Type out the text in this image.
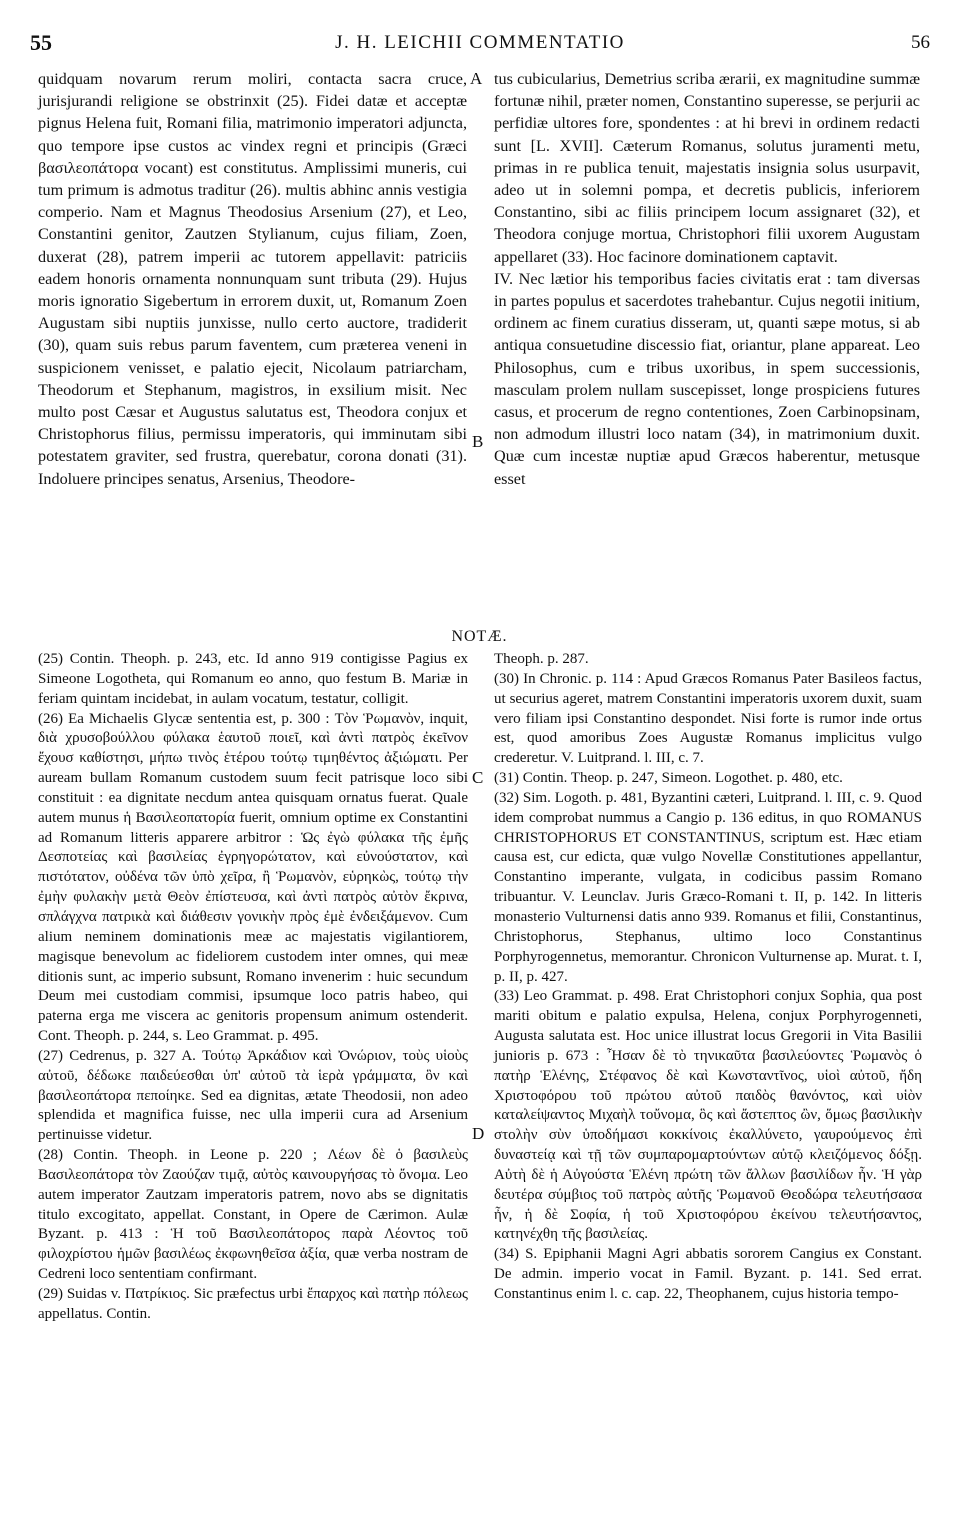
55	J. H. LEICHII COMMENTATIO	56

quidquam novarum rerum moliri, contacta sacra cruce, jurisjurandi religione se obstrinxit (25). Fidei datæ et acceptæ pignus Helena fuit, Romani filia, matrimonio imperatori adjuncta, quo tempore ipse custos ac vindex regni et principis (Græci βασιλεοπάτορα vocant) est constitutus. Amplissimi muneris, cui tum primum is admotus traditur (26). multis abhinc annis vestigia comperio. Nam et Magnus Theodosius Arsenium (27), et Leo, Constantini genitor, Zautzen Stylianum, cujus filiam, Zoen, duxerat (28), patrem imperii ac tutorem appellavit: patriciis eadem honoris ornamenta nonnunquam sunt tributa (29). Hujus moris ignoratio Sigebertum in errorem duxit, ut, Romanum Zoen Augustam sibi nuptiis junxisse, nullo certo auctore, tradiderit (30), quam suis rebus parum faventem, cum præterea veneni in suspicionem venisset, e palatio ejecit, Nicolaum patriarcham, Theodorum et Stephanum, magistros, in exsilium misit. Nec multo post Cæsar et Augustus salutatus est, Theodora conjux et Christophorus filius, permissu imperatoris, qui imminutam sibi potestatem graviter, sed frustra, querebatur, corona donati (31). Indoluere principes senatus, Arsenius, Theodore-

tus cubicularius, Demetrius scriba ærarii, ex magnitudine summæ fortunæ nihil, præter nomen, Constantino superesse, se perjurii ac perfidiæ ultores fore, spondentes : at hi brevi in ordinem redacti sunt [L. XVII]. Cæterum Romanus, solutus juramenti metu, primas in re publica tenuit, majestatis insignia solus usurpavit, adeo ut in solemni pompa, et decretis publicis, inferiorem Constantino, sibi ac filiis principem locum assignaret (32), et Theodora conjuge mortua, Christophori filii uxorem Augustam appellaret (33). Hoc facinore dominationem captavit.

IV. Nec lætior his temporibus facies civitatis erat : tam diversas in partes populus et sacerdotes trahebantur. Cujus negotii initium, ordinem ac finem curatius disseram, ut, quanti sæpe motus, si ab antiqua consuetudine discessio fiat, oriantur, plane appareat. Leo Philosophus, cum e tribus uxoribus, in spem successionis, masculam prolem nullam suscepisset, longe prospiciens futures casus, et procerum de regno contentiones, Zoen Carbinopsinam, non admodum illustri loco natam (34), in matrimonium duxit. Quæ cum incestæ nuptiæ apud Græcos haberentur, metusque esset

A
B
C
D
NOTÆ.

(25) Contin. Theoph. p. 243, etc. Id anno 919 contigisse Pagius ex Simeone Logotheta, qui Romanum eo anno, quo festum B. Mariæ in feriam quintam incidebat, in aulam vocatum, testatur, colligit.

(26) Ea Michaelis Glycæ sententia est, p. 300 : Τὸν Ῥωμανὸν, inquit, διὰ χρυσοβούλλου φύλακα ἑαυτοῦ ποιεῖ, καὶ ἀντὶ πατρὸς ἐκεῖνον ἔχουσ καθίστησι, μήπω τινὸς ἑτέρου τούτῳ τιμηθέντος ἀξιώματι. Per auream bullam Romanum custodem suum fecit patrisque loco sibi constituit : ea dignitate necdum antea quisquam ornatus fuerat. Quale autem munus ἡ Βασιλεοπατορία fuerit, omnium optime ex Constantini ad Romanum litteris apparere arbitror : Ὡς ἐγὼ φύλακα τῆς ἐμῆς Δεσποτείας καὶ βασιλείας ἐγρηγορώτατον, καὶ εὐνούστατον, καὶ πιστότατον, οὐδένα τῶν ὑπὸ χεῖρα, ἢ Ῥωμανὸν, εὑρηκὼς, τούτῳ τὴν ἐμὴν φυλακὴν μετὰ Θεὸν ἐπίστευσα, καὶ ἀντὶ πατρὸς αὐτὸν ἔκρινα, σπλάγχνα πατρικὰ καὶ διάθεσιν γονικὴν πρὸς ἐμὲ ἐνδειξάμενον. Cum alium neminem dominationis meæ ac majestatis vigilantiorem, magisque benevolum ac fideliorem custodem inter omnes, qui meæ ditionis sunt, ac imperio subsunt, Romano invenerim : huic secundum Deum mei custodiam commisi, ipsumque loco patris habeo, qui paterna erga me viscera ac genitoris propensum animum ostenderit. Cont. Theoph. p. 244, s. Leo Grammat. p. 495.

(27) Cedrenus, p. 327 A. Τούτῳ Ἀρκάδιον καὶ Ὀνώριον, τοὺς υἱοὺς αὐτοῦ, δέδωκε παιδεύεσθαι ὑπ' αὐτοῦ τὰ ἱερὰ γράμματα, ὃν καὶ βασιλεοπάτορα πεποίηκε. Sed ea dignitas, ætate Theodosii, non adeo splendida et magnifica fuisse, nec ulla imperii cura ad Arsenium pertinuisse videtur.

(28) Contin. Theoph. in Leone p. 220 ; Λέων δὲ ὁ βασιλεὺς Βασιλεοπάτορα τὸν Ζαούζαν τιμᾷ, αὐτὸς καινουργήσας τὸ ὄνομα. Leo autem imperator Zautzam imperatoris patrem, novo abs se dignitatis titulo excogitato, appellat. Constant, in Opere de Cærimon. Aulæ Byzant. p. 413 : Ἡ τοῦ Βασιλεοπάτορος παρὰ Λέοντος τοῦ φιλοχρίστου ἡμῶν βασιλέως ἐκφωνηθεῖσα ἀξία, quæ verba nostram de Cedreni loco sententiam confirmant.

(29) Suidas v. Πατρίκιος. Sic præfectus urbi ἔπαρχος καὶ πατὴρ πόλεως appellatus. Contin.

Theoph. p. 287.

(30) In Chronic. p. 114 : Apud Græcos Romanus Pater Basileos factus, ut securius ageret, matrem Constantini imperatoris uxorem duxit, suam vero filiam ipsi Constantino despondet. Nisi forte is rumor inde ortus est, quod amoribus Zoes Augustæ Romanus implicitus vulgo crederetur. V. Luitprand. l. III, c. 7.

(31) Contin. Theop. p. 247, Simeon. Logothet. p. 480, etc.

(32) Sim. Logoth. p. 481, Byzantini cæteri, Luitprand. l. III, c. 9. Quod idem comprobat nummus a Cangio p. 136 editus, in quo ROMANUS CHRISTOPHORUS ET CONSTANTINUS, scriptum est. Hæc etiam causa est, cur edicta, quæ vulgo Novellæ Constitutiones appellantur, Constantino imperante, vulgata, in codicibus passim Romano tribuantur. V. Leunclav. Juris Græco-Romani t. II, p. 142. In litteris monasterio Vulturnensi datis anno 939. Romanus et filii, Constantinus, Christophorus, Stephanus, ultimo loco Constantinus Porphyrogennetus, memorantur. Chronicon Vulturnense ap. Murat. t. I, p. II, p. 427.

(33) Leo Grammat. p. 498. Erat Christophori conjux Sophia, qua post mariti obitum e palatio expulsa, Helena, conjux Porphyrogenneti, Augusta salutata est. Hoc unice illustrat locus Gregorii in Vita Basilii junioris p. 673 : Ἦσαν δὲ τὸ τηνικαῦτα βασιλεύοντες Ῥωμανὸς ὁ πατὴρ Ἑλένης, Στέφανος δὲ καὶ Κωνσταντῖνος, υἱοὶ αὐτοῦ, ἤδη Χριστοφόρου τοῦ πρώτου αὐτοῦ παιδὸς θανόντος, καὶ υἱὸν καταλείψαντος Μιχαὴλ τοὔνομα, ὃς καὶ ἄστεπτος ὢν, ὅμως βασιλικὴν στολὴν σὺν ὑποδήμασι κοκκίνοις ἐκαλλύνετο, γαυρούμενος ἐπὶ δυναστείᾳ καὶ τῇ τῶν συμπαρομαρτούντων αὐτῷ κλειζόμενος δόξῃ. Αὐτὴ δὲ ἡ Αὐγούστα Ἑλένη πρώτη τῶν ἄλλων βασιλίδων ἦν. Ἡ γὰρ δευτέρα σύμβιος τοῦ πατρὸς αὐτῆς Ῥωμανοῦ Θεοδώρα τελευτήσασα ἦν, ἡ δὲ Σοφία, ἡ τοῦ Χριστοφόρου ἐκείνου τελευτήσαντος, κατηνέχθη τῆς βασιλείας.

(34) S. Epiphanii Magni Agri abbatis sororem Cangius ex Constant. De admin. imperio vocat in Famil. Byzant. p. 141. Sed errat. Constantinus enim l. c. cap. 22, Theophanem, cujus historia tempo-
